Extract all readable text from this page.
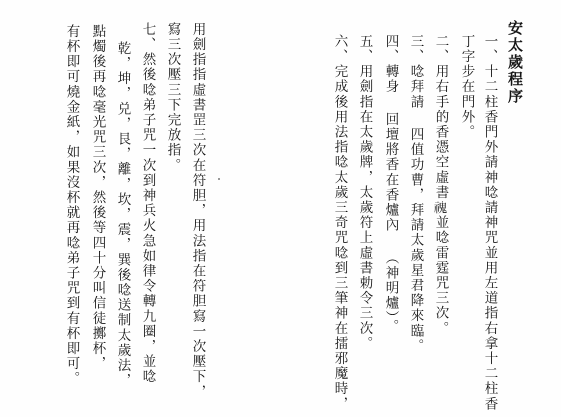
安太歲程序
一、十二柱香門外請神唸請神咒並用左道指右拿十二柱香
丁字步在門外。
二、用右手的香憑空虛書𩲡並唸雷霆咒三次。
三、唸拜請 四值功曹，拜請太歲星君降來臨。
四、轉身 回壇將香在香爐內 （神明爐）。
五、用劍指在太歲牌，太歲符上虛書勅令三次。
六、完成後用法指唸太歲三奇咒唸到三筆神在擂邪魔時，
用劍指指虛書罡三次在符胆，用法指在符胆寫一次壓下，
寫三次壓三下完放指。
七、然後唸弟子咒一次到神兵火急如律令轉九圈，並唸
乾，坤，兑，艮，離，坎，震，巽後唸送制太歲法，
點燭後再唸毫光咒三次，然後等四十分叫信徒擲杯，
有杯即可燒金紙，如果沒杯就再唸弟子咒到有杯即可。
